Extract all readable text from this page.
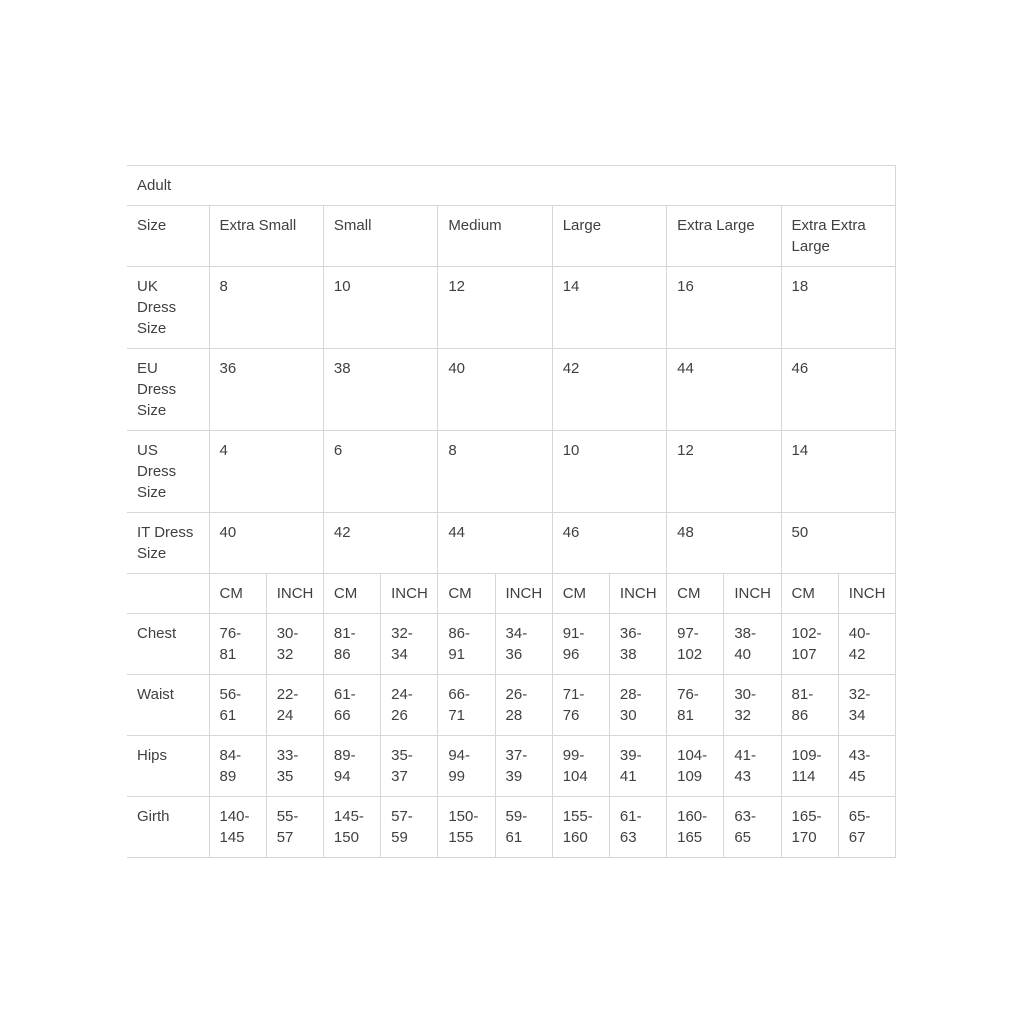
Adult												
Size	Extra Small		Small		Medium		Large		Extra Large		Extra Extra Large	
UK Dress Size	8		10		12		14		16		18	
EU Dress Size	36		38		40		42		44		46	
US Dress Size	4		6		8		10		12		14	
IT Dress Size	40		42		44		46		48		50	
	CM	INCH	CM	INCH	CM	INCH	CM	INCH	CM	INCH	CM	INCH
Chest	76-81	30-32	81-86	32-34	86-91	34-36	91-96	36-38	97-102	38-40	102-107	40-42
Waist	56-61	22-24	61-66	24-26	66-71	26-28	71-76	28-30	76-81	30-32	81-86	32-34
Hips	84-89	33-35	89-94	35-37	94-99	37-39	99-104	39-41	104-109	41-43	109-114	43-45
Girth	140-145	55-57	145-150	57-59	150-155	59-61	155-160	61-63	160-165	63-65	165-170	65-67
